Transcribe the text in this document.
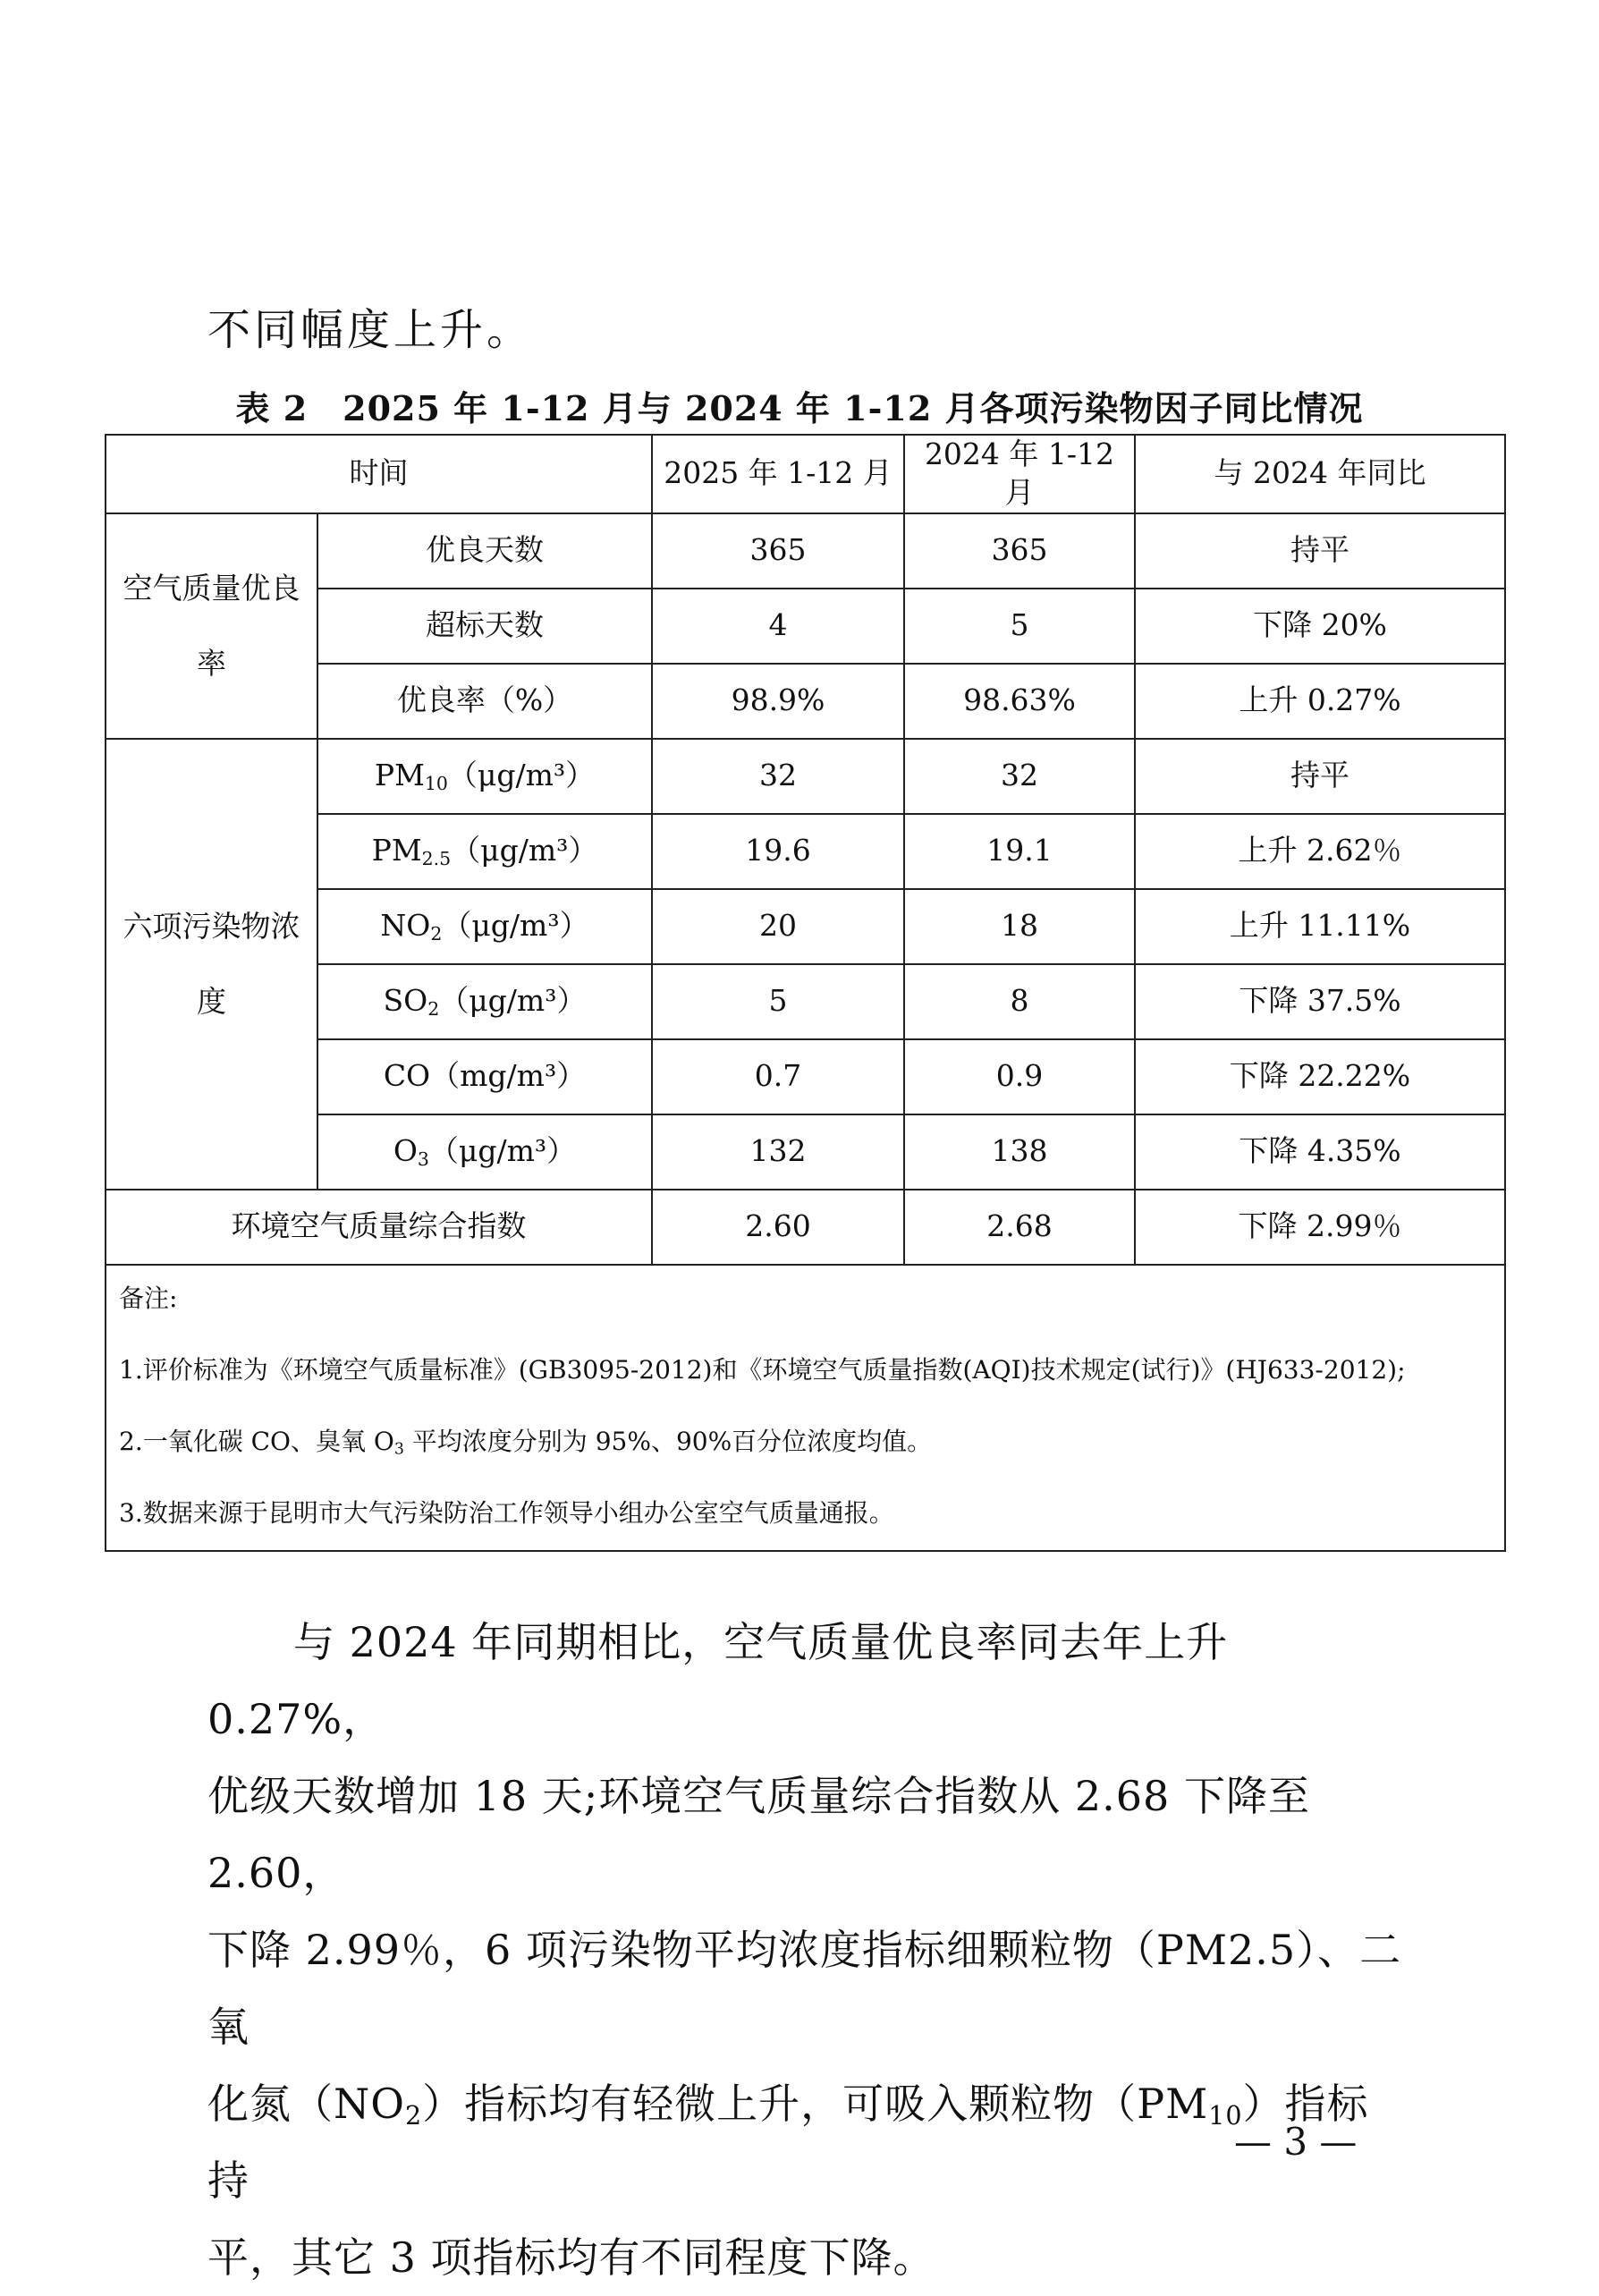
不同幅度上升。
表 2　2025 年 1-12 月与 2024 年 1-12 月各项污染物因子同比情况
时间		2025 年 1-12 月	2024 年 1-12 月	与 2024 年同比
空气质量优良率	优良天数	365	365	持平
	超标天数	4	5	下降 20%
	优良率（%）	98.9%	98.63%	上升 0.27%
六项污染物浓度	$PM_{10}(\mu g/m^3)$	32	32	持平
	$PM_{2.5}(\mu g/m^3)$	19.6	19.1	上升 2.62％
	$NO_2(\mu g/m^3)$	20	18	上升 11.11%
	$SO_2(\mu g/m^3)$	5	8	下降 37.5%
	CO（mg/m³）	0.7	0.9	下降 22.22%
	$O_3(\mu g/m^3)$	132	138	下降 4.35%
环境空气质量综合指数		2.60	2.68	下降 2.99％

备注:

1.评价标准为《环境空气质量标准》(GB3095-2012)和《环境空气质量指数(AQI)技术规定(试行)》(HJ633-2012);

2.一氧化碳 CO、臭氧 $O_3$ 平均浓度分别为 95%、90%百分位浓度均值。

3.数据来源于昆明市大气污染防治工作领导小组办公室空气质量通报。				

与 2024 年同期相比，空气质量优良率同去年上升 0.27%，
优级天数增加 18 天;环境空气质量综合指数从 2.68 下降至 2.60，
下降 2.99％，6 项污染物平均浓度指标细颗粒物（PM2.5）、二氧
化氮$(NO_2)$指标均有轻微上升，可吸入颗粒物$(PM_{10})$指标持
平，其它 3 项指标均有不同程度下降。
— 3 —
